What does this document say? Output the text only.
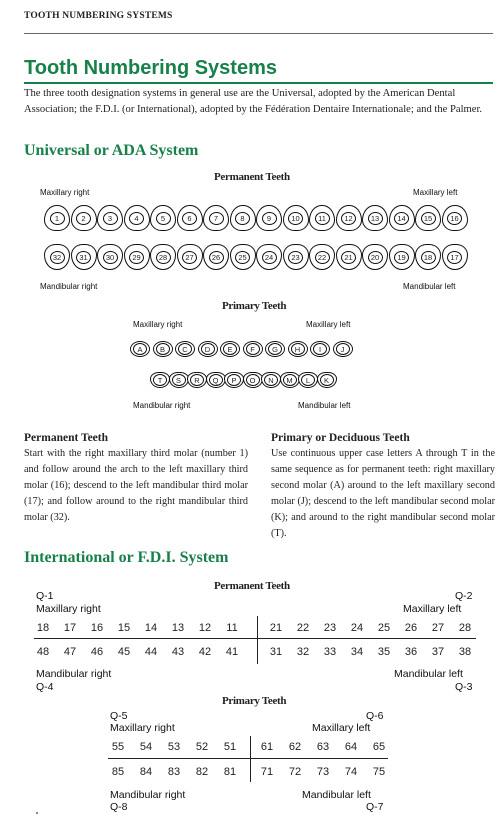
TOOTH NUMBERING SYSTEMS
Tooth Numbering Systems

The three tooth designation systems in general use are the Universal, adopted by the American Dental Association; the F.D.I. (or International), adopted by the Fédération Dentaire Internationale; and the Palmer.

Universal or ADA System
Permanent Teeth
Maxillary right	Maxillary left
1	2	3	4	5	6	7	8	9	10	11	12	13	14	15	16
32	31	30	29	28	27	26	25	24	23	22	21	20	19	18	17
Mandibular right	Mandibular left
Primary Teeth
Maxillary right	Maxillary left
A	B	C	D	E	F	G	H	I	J
T	S	R	Q	P	O	N	M	L	K
Mandibular right	Mandibular left
Permanent Teeth

Start with the right maxillary third molar (number 1) and follow around the arch to the left maxillary third molar (16); descend to the left mandibular third molar (17); and follow around to the right mandibular third molar (32).

Primary or Deciduous Teeth

Use continuous upper case letters A through T in the same sequence as for permanent teeth: right maxillary second molar (A) around to the left maxillary second molar (J); descend to the left mandibular second molar (K); and around to the right mandibular second molar (T).

International or F.D.I. System
Permanent Teeth
Q-1	Q-2
Maxillary right	Maxillary left
18	17	16	15	14	13	12	11	21	22	23	24	25	26	27	28
48	47	46	45	44	43	42	41	31	32	33	34	35	36	37	38
Mandibular right	Mandibular left
Q-4	Q-3
Primary Teeth
Q-5	Q-6
Maxillary right	Maxillary left
55	54	53	52	51	61	62	63	64	65
85	84	83	82	81	71	72	73	74	75
Mandibular right	Mandibular left
Q-8	Q-7
